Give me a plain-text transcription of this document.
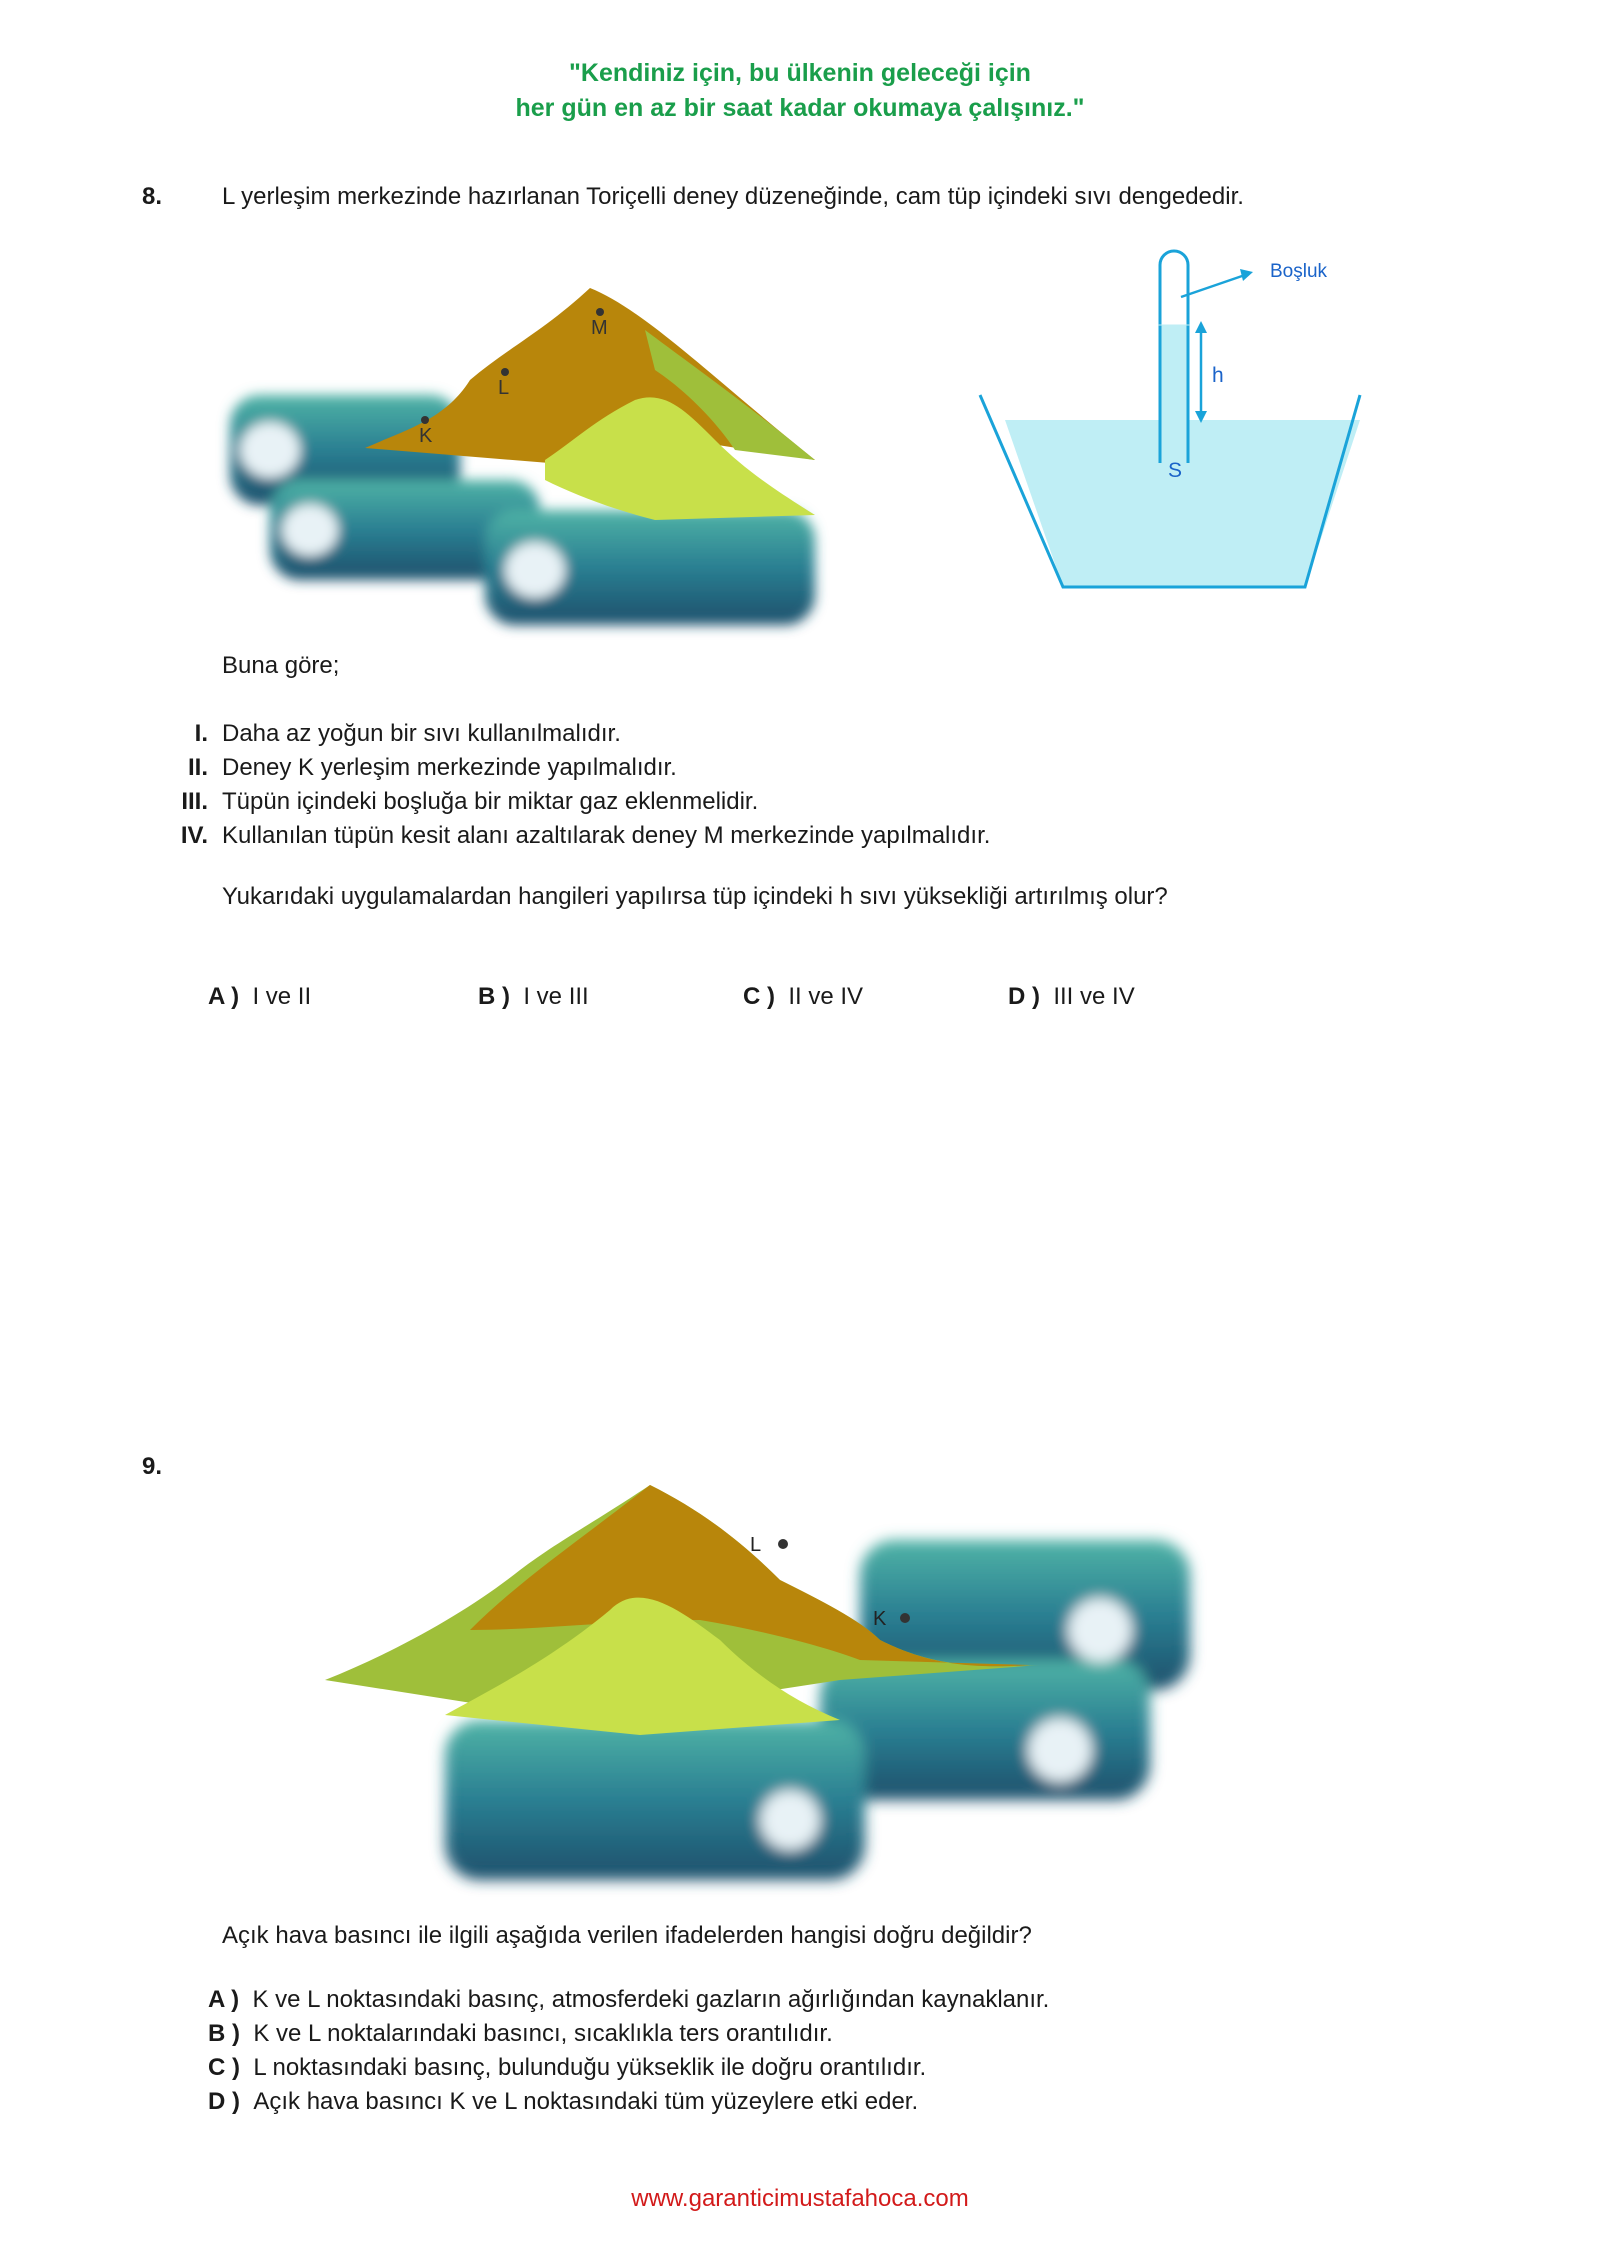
"Kendiniz için, bu ülkenin geleceği için
her gün en az bir saat kadar okumaya çalışınız."
8. L yerleşim merkezinde hazırlanan Toriçelli deney düzeneğinde, cam tüp içindeki sıvı dengededir.
M
L
K
Boşluk
h
S
Buna göre;
I. Daha az yoğun bir sıvı kullanılmalıdır.
II. Deney K yerleşim merkezinde yapılmalıdır.
III. Tüpün içindeki boşluğa bir miktar gaz eklenmelidir.
IV. Kullanılan tüpün kesit alanı azaltılarak deney M merkezinde yapılmalıdır.
Yukarıdaki uygulamalardan hangileri yapılırsa tüp içindeki h sıvı yüksekliği artırılmış olur?
A ) I ve II	B ) I ve III	C ) II ve IV	D ) III ve IV
9.
L
K
Açık hava basıncı ile ilgili aşağıda verilen ifadelerden hangisi doğru değildir?
A ) K ve L noktasındaki basınç, atmosferdeki gazların ağırlığından kaynaklanır.
B ) K ve L noktalarındaki basıncı, sıcaklıkla ters orantılıdır.
C ) L noktasındaki basınç, bulunduğu yükseklik ile doğru orantılıdır.
D ) Açık hava basıncı K ve L noktasındaki tüm yüzeylere etki eder.
www.garanticimustafahoca.com
